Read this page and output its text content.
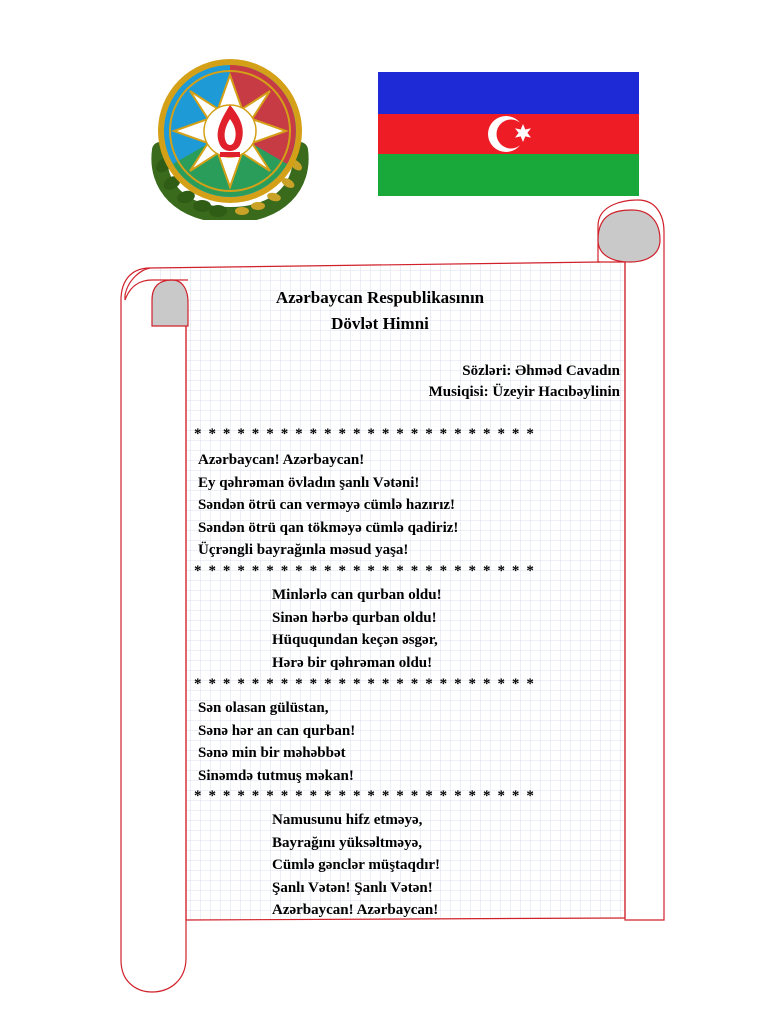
Azərbaycan Respublikasının
Dövlət Himni
Sözləri: Əhməd Cavadın
Musiqisi: Üzeyir Hacıbəylinin
* * * * * * * * * * * * * * * * * * * * * * * *
Azərbaycan! Azərbaycan!
Ey qəhrəman övladın şanlı Vətəni!
Səndən ötrü can verməyə cümlə hazırız!
Səndən ötrü qan tökməyə cümlə qadiriz!
Üçrəngli bayrağınla məsud yaşa!
* * * * * * * * * * * * * * * * * * * * * * * *
Minlərlə can qurban oldu!
Sinən hərbə qurban oldu!
Hüququndan keçən əsgər,
Hərə bir qəhrəman oldu!
* * * * * * * * * * * * * * * * * * * * * * * *
Sən olasan gülüstan,
Sənə hər an can qurban!
Sənə min bir məhəbbət
Sinəmdə tutmuş məkan!
* * * * * * * * * * * * * * * * * * * * * * * *
Namusunu hifz etməyə,
Bayrağını yüksəltməyə,
Cümlə gənclər müştaqdır!
Şanlı Vətən! Şanlı Vətən!
Azərbaycan! Azərbaycan!
